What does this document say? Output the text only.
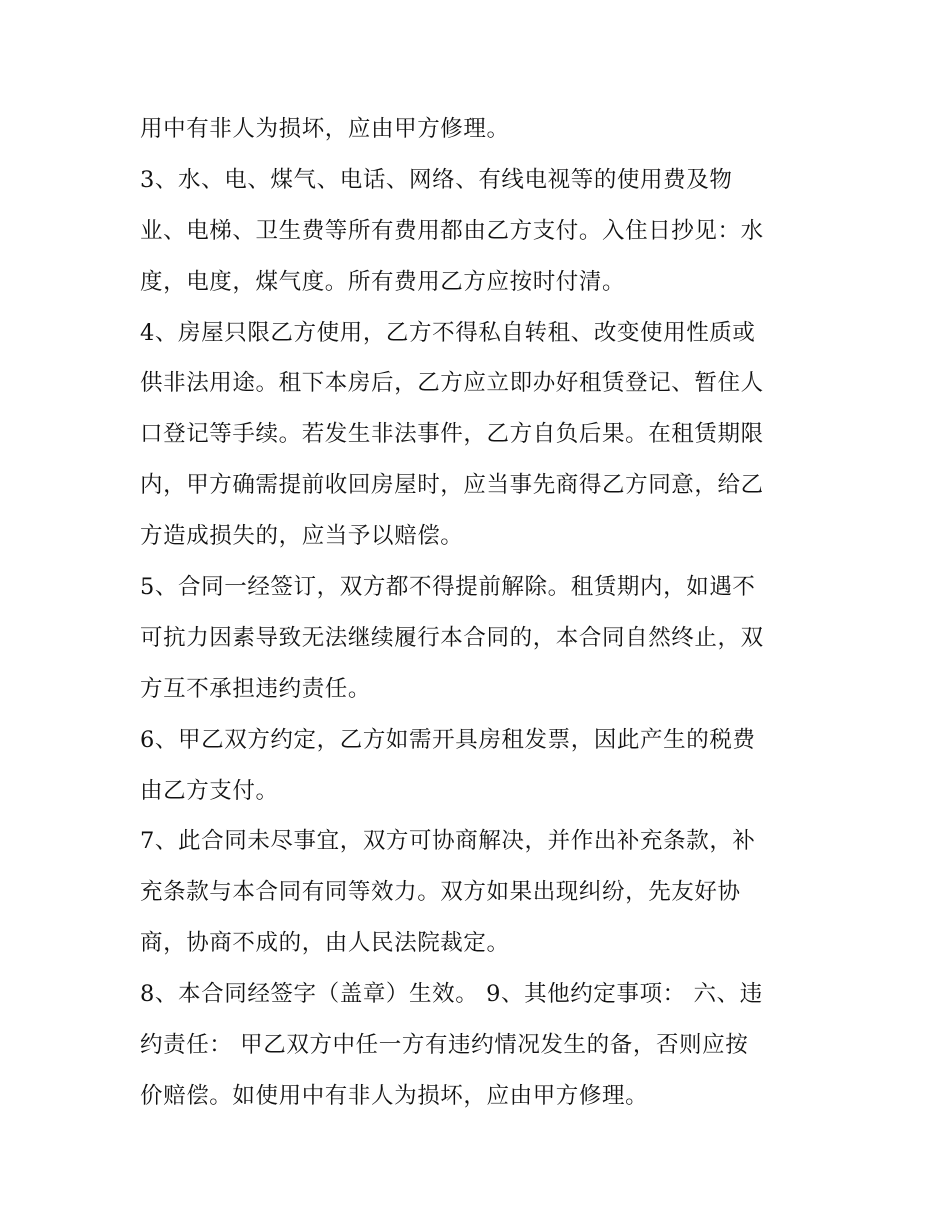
用中有非人为损坏，应由甲方修理。
3、水、电、煤气、电话、网络、有线电视等的使用费及物
业、电梯、卫生费等所有费用都由乙方支付。入住日抄见：水
度，电度，煤气度。所有费用乙方应按时付清。
4、房屋只限乙方使用，乙方不得私自转租、改变使用性质或
供非法用途。租下本房后，乙方应立即办好租赁登记、暂住人
口登记等手续。若发生非法事件，乙方自负后果。在租赁期限
内，甲方确需提前收回房屋时，应当事先商得乙方同意，给乙
方造成损失的，应当予以赔偿。
5、合同一经签订，双方都不得提前解除。租赁期内，如遇不
可抗力因素导致无法继续履行本合同的，本合同自然终止，双
方互不承担违约责任。
6、甲乙双方约定，乙方如需开具房租发票，因此产生的税费
由乙方支付。
7、此合同未尽事宜，双方可协商解决，并作出补充条款，补
充条款与本合同有同等效力。双方如果出现纠纷，先友好协
商，协商不成的，由人民法院裁定。
8、本合同经签字（盖章）生效。 9、其他约定事项： 六、违
约责任： 甲乙双方中任一方有违约情况发生的备，否则应按
价赔偿。如使用中有非人为损坏，应由甲方修理。
